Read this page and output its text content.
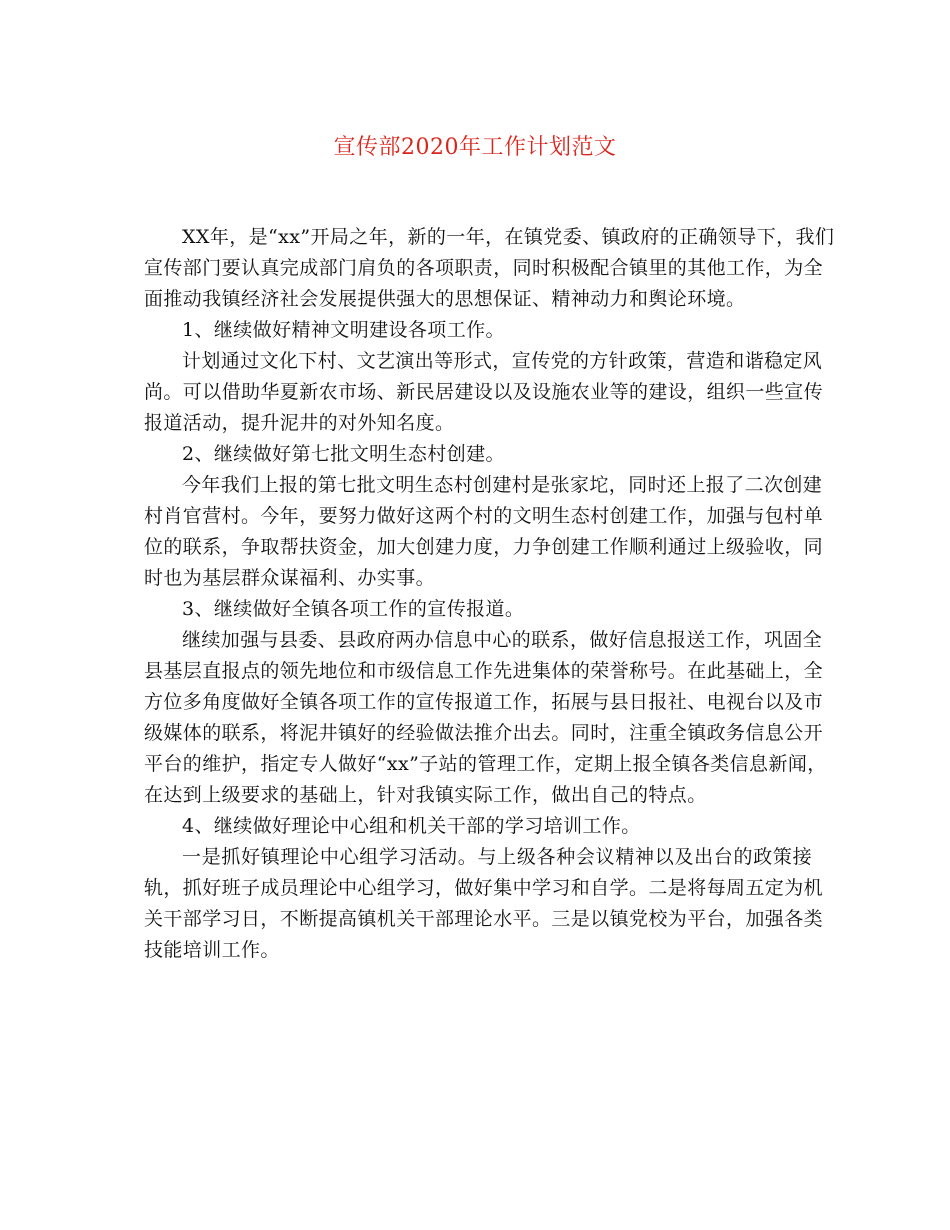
宣传部2020年工作计划范文
XX年，是“xx”开局之年，新的一年，在镇党委、镇政府的正确领导下，我们
宣传部门要认真完成部门肩负的各项职责，同时积极配合镇里的其他工作，为全
面推动我镇经济社会发展提供强大的思想保证、精神动力和舆论环境。
1、继续做好精神文明建设各项工作。
计划通过文化下村、文艺演出等形式，宣传党的方针政策，营造和谐稳定风
尚。可以借助华夏新农市场、新民居建设以及设施农业等的建设，组织一些宣传
报道活动，提升泥井的对外知名度。
2、继续做好第七批文明生态村创建。
今年我们上报的第七批文明生态村创建村是张家坨，同时还上报了二次创建
村肖官营村。今年，要努力做好这两个村的文明生态村创建工作，加强与包村单
位的联系，争取帮扶资金，加大创建力度，力争创建工作顺利通过上级验收，同
时也为基层群众谋福利、办实事。
3、继续做好全镇各项工作的宣传报道。
继续加强与县委、县政府两办信息中心的联系，做好信息报送工作，巩固全
县基层直报点的领先地位和市级信息工作先进集体的荣誉称号。在此基础上，全
方位多角度做好全镇各项工作的宣传报道工作，拓展与县日报社、电视台以及市
级媒体的联系，将泥井镇好的经验做法推介出去。同时，注重全镇政务信息公开
平台的维护，指定专人做好“xx”子站的管理工作，定期上报全镇各类信息新闻，
在达到上级要求的基础上，针对我镇实际工作，做出自己的特点。
4、继续做好理论中心组和机关干部的学习培训工作。
一是抓好镇理论中心组学习活动。与上级各种会议精神以及出台的政策接
轨，抓好班子成员理论中心组学习，做好集中学习和自学。二是将每周五定为机
关干部学习日，不断提高镇机关干部理论水平。三是以镇党校为平台，加强各类
技能培训工作。
